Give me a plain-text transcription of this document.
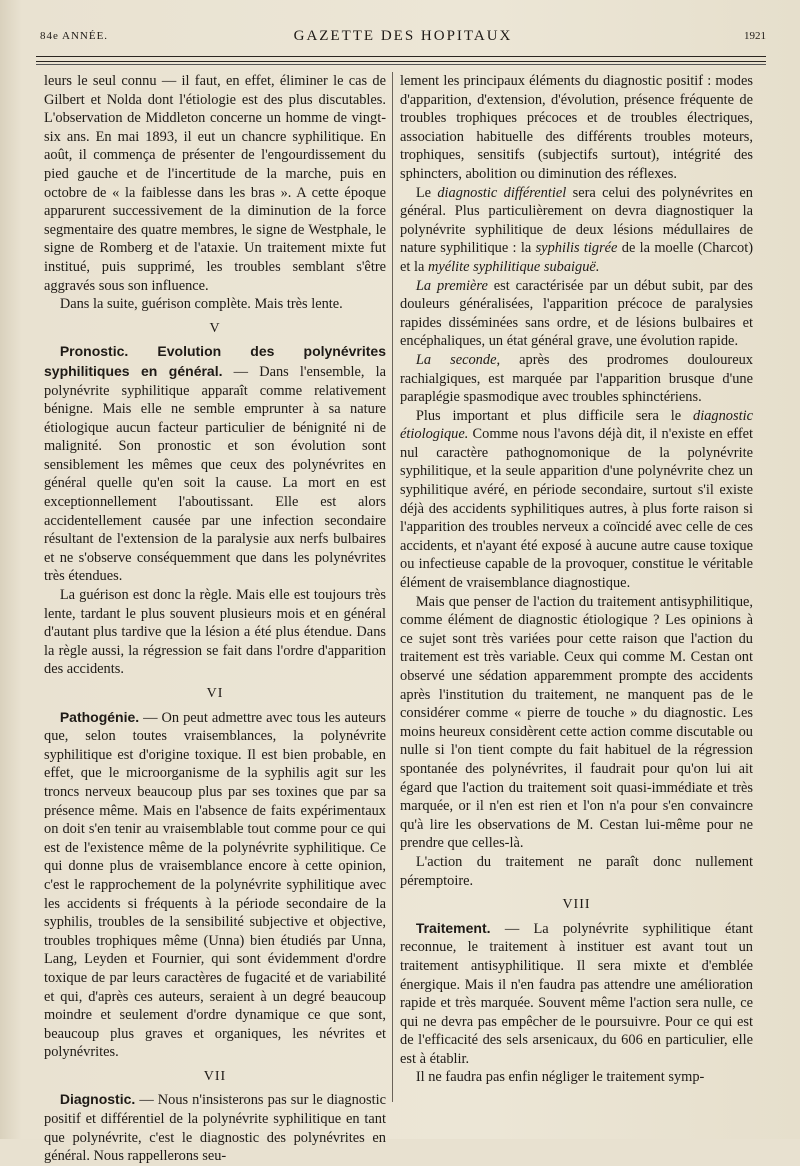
84e ANNÉE.	GAZETTE DES HOPITAUX	1921

leurs le seul connu — il faut, en effet, éliminer le cas de Gilbert et Nolda dont l'étiologie est des plus discutables. L'observation de Middleton concerne un homme de vingt-six ans. En mai 1893, il eut un chancre syphilitique. En août, il commença de présenter de l'engourdissement du pied gauche et de l'incertitude de la marche, puis en octobre de « la faiblesse dans les bras ». A cette époque apparurent successivement de la diminution de la force segmentaire des quatre membres, le signe de Westphale, le signe de Romberg et de l'ataxie. Un traitement mixte fut institué, puis supprimé, les troubles semblant s'être aggravés sous son influence.

Dans la suite, guérison complète. Mais très lente.

V

Pronostic. Evolution des polynévrites syphilitiques en général. — Dans l'ensemble, la polynévrite syphilitique apparaît comme relativement bénigne. Mais elle ne semble emprunter à sa nature étiologique aucun facteur particulier de bénignité ni de malignité. Son pronostic et son évolution sont sensiblement les mêmes que ceux des polynévrites en général quelle qu'en soit la cause. La mort en est exceptionnellement l'aboutissant. Elle est alors accidentellement causée par une infection secondaire résultant de l'extension de la paralysie aux nerfs bulbaires et ne s'observe conséquemment que dans les polynévrites très étendues.

La guérison est donc la règle. Mais elle est toujours très lente, tardant le plus souvent plusieurs mois et en général d'autant plus tardive que la lésion a été plus étendue. Dans la règle aussi, la régression se fait dans l'ordre d'apparition des accidents.

VI

Pathogénie. — On peut admettre avec tous les auteurs que, selon toutes vraisemblances, la polynévrite syphilitique est d'origine toxique. Il est bien probable, en effet, que le microorganisme de la syphilis agit sur les troncs nerveux beaucoup plus par ses toxines que par sa présence même. Mais en l'absence de faits expérimentaux on doit s'en tenir au vraisemblable tout comme pour ce qui est de l'existence même de la polynévrite syphilitique. Ce qui donne plus de vraisemblance encore à cette opinion, c'est le rapprochement de la polynévrite syphilitique avec les accidents si fréquents à la période secondaire de la syphilis, troubles de la sensibilité subjective et objective, troubles trophiques même (Unna) bien étudiés par Unna, Lang, Leyden et Fournier, qui sont évidemment d'ordre toxique de par leurs caractères de fugacité et de variabilité et qui, d'après ces auteurs, seraient à un degré beaucoup moindre et seulement d'ordre dynamique ce que sont, beaucoup plus graves et organiques, les névrites et polynévrites.

VII

Diagnostic. — Nous n'insisterons pas sur le diagnostic positif et différentiel de la polynévrite syphilitique en tant que polynévrite, c'est le diagnostic des polynévrites en général. Nous rappellerons seu-

lement les principaux éléments du diagnostic positif : modes d'apparition, d'extension, d'évolution, présence fréquente de troubles trophiques précoces et de troubles électriques, association habituelle des différents troubles moteurs, trophiques, sensitifs (subjectifs surtout), intégrité des sphincters, abolition ou diminution des réflexes.

Le diagnostic différentiel sera celui des polynévrites en général. Plus particulièrement on devra diagnostiquer la polynévrite syphilitique de deux lésions médullaires de nature syphilitique : la syphilis tigrée de la moelle (Charcot) et la myélite syphilitique subaiguë.

La première est caractérisée par un début subit, par des douleurs généralisées, l'apparition précoce de paralysies rapides disséminées sans ordre, et de lésions bulbaires et encéphaliques, un état général grave, une évolution rapide.

La seconde, après des prodromes douloureux rachialgiques, est marquée par l'apparition brusque d'une paraplégie spasmodique avec troubles sphinctériens.

Plus important et plus difficile sera le diagnostic étiologique. Comme nous l'avons déjà dit, il n'existe en effet nul caractère pathognomonique de la polynévrite syphilitique, et la seule apparition d'une polynévrite chez un syphilitique avéré, en période secondaire, surtout s'il existe déjà des accidents syphilitiques autres, à plus forte raison si l'apparition des troubles nerveux a coïncidé avec celle de ces accidents, et n'ayant été exposé à aucune autre cause toxique ou infectieuse capable de la provoquer, constitue le véritable élément de vraisemblance diagnostique.

Mais que penser de l'action du traitement antisyphilitique, comme élément de diagnostic étiologique ? Les opinions à ce sujet sont très variées pour cette raison que l'action du traitement est très variable. Ceux qui comme M. Cestan ont observé une sédation apparemment prompte des accidents après l'institution du traitement, ne manquent pas de le considérer comme « pierre de touche » du diagnostic. Les moins heureux considèrent cette action comme discutable ou nulle si l'on tient compte du fait habituel de la régression spontanée des polynévrites, il faudrait pour qu'on lui ait égard que l'action du traitement soit quasi-immédiate et très marquée, or il n'en est rien et l'on n'a pour s'en convaincre qu'à lire les observations de M. Cestan lui-même pour ne prendre que celles-là.

L'action du traitement ne paraît donc nullement péremptoire.

VIII

Traitement. — La polynévrite syphilitique étant reconnue, le traitement à instituer est avant tout un traitement antisyphilitique. Il sera mixte et d'emblée énergique. Mais il n'en faudra pas attendre une amélioration rapide et très marquée. Souvent même l'action sera nulle, ce qui ne devra pas empêcher de le poursuivre. Pour ce qui est de l'efficacité des sels arsenicaux, du 606 en particulier, elle est à établir.

Il ne faudra pas enfin négliger le traitement symp-
